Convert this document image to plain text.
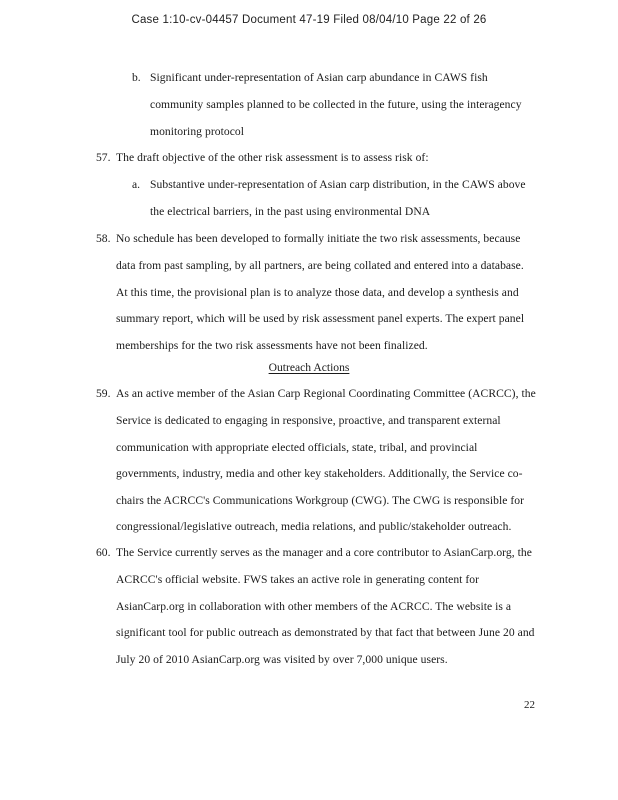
Case 1:10-cv-04457 Document 47-19 Filed 08/04/10 Page 22 of 26
b. Significant under-representation of Asian carp abundance in CAWS fish
community samples planned to be collected in the future, using the interagency
monitoring protocol
57. The draft objective of the other risk assessment is to assess risk of:
a. Substantive under-representation of Asian carp distribution, in the CAWS above
the electrical barriers, in the past using environmental DNA
58. No schedule has been developed to formally initiate the two risk assessments, because
data from past sampling, by all partners, are being collated and entered into a database.
At this time, the provisional plan is to analyze those data, and develop a synthesis and
summary report, which will be used by risk assessment panel experts. The expert panel
memberships for the two risk assessments have not been finalized.
Outreach Actions
59. As an active member of the Asian Carp Regional Coordinating Committee (ACRCC), the
Service is dedicated to engaging in responsive, proactive, and transparent external
communication with appropriate elected officials, state, tribal, and provincial
governments, industry, media and other key stakeholders. Additionally, the Service co-
chairs the ACRCC's Communications Workgroup (CWG). The CWG is responsible for
congressional/legislative outreach, media relations, and public/stakeholder outreach.
60. The Service currently serves as the manager and a core contributor to AsianCarp.org, the
ACRCC's official website. FWS takes an active role in generating content for
AsianCarp.org in collaboration with other members of the ACRCC. The website is a
significant tool for public outreach as demonstrated by that fact that between June 20 and
July 20 of 2010 AsianCarp.org was visited by over 7,000 unique users.
22
